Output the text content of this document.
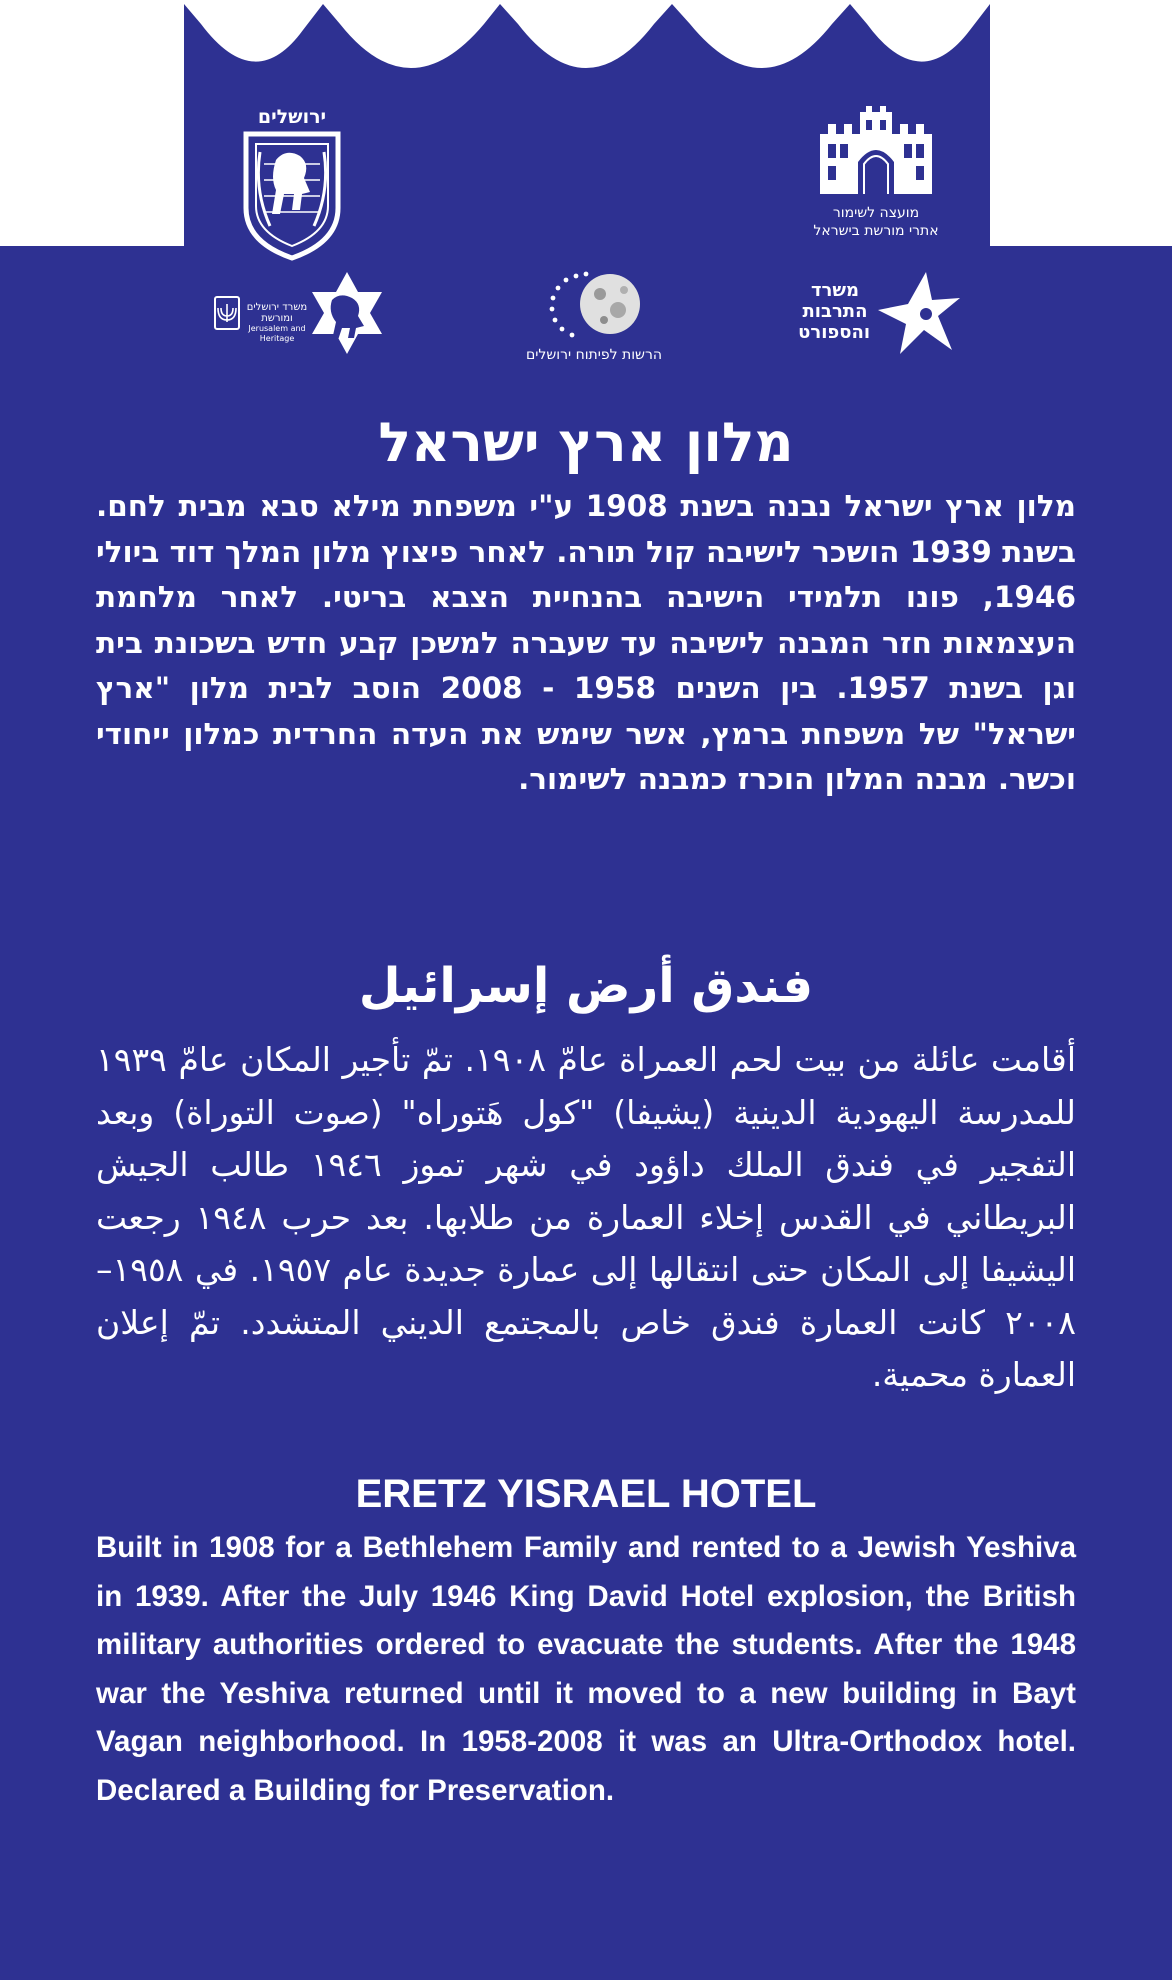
ירושלים
מועצה לשימור
אתרי מורשת בישראל
משרד ירושלים
ומורשת
Jerusalem and Heritage
הרשות לפיתוח ירושלים
משרד
התרבות
והספורט
מלון ארץ ישראל

מלון ארץ ישראל נבנה בשנת 1908 ע"י משפחת מילא סבא מבית לחם. בשנת 1939 הושכר לישיבה קול תורה. לאחר פיצוץ מלון המלך דוד ביולי 1946, פונו תלמידי הישיבה בהנחיית הצבא בריטי. לאחר מלחמת העצמאות חזר המבנה לישיבה עד שעברה למשכן קבע חדש בשכונת בית וגן בשנת 1957. בין השנים 1958 - 2008 הוסב לבית מלון "ארץ ישראל" של משפחת ברמץ, אשר שימש את העדה החרדית כמלון ייחודי וכשר. מבנה המלון הוכרז כמבנה לשימור.

فندق أرض إسرائيل

أقامت عائلة من بيت لحم العمراة عامّ ١٩٠٨. تمّ تأجير المكان عامّ ١٩٣٩ للمدرسة اليهودية الدينية (يشيفا) "كول هَتوراه" (صوت التوراة) وبعد التفجير في فندق الملك داؤود في شهر تموز ١٩٤٦ طالب الجيش البريطاني في القدس إخلاء العمارة من طلابها. بعد حرب ١٩٤٨ رجعت اليشيفا إلى المكان حتى انتقالها إلى عمارة جديدة عام ١٩٥٧. في ١٩٥٨–٢٠٠٨ كانت العمارة فندق خاص بالمجتمع الديني المتشدد. تمّ إعلان العمارة محمية.

ERETZ YISRAEL HOTEL

Built in 1908 for a Bethlehem Family and rented to a Jewish Yeshiva in 1939. After the July 1946 King David Hotel explosion, the British military authorities ordered to evacuate the students. After the 1948 war the Yeshiva returned until it moved to a new building in Bayt Vagan neighborhood. In 1958-2008 it was an Ultra-Orthodox hotel. Declared a Building for Preservation.
